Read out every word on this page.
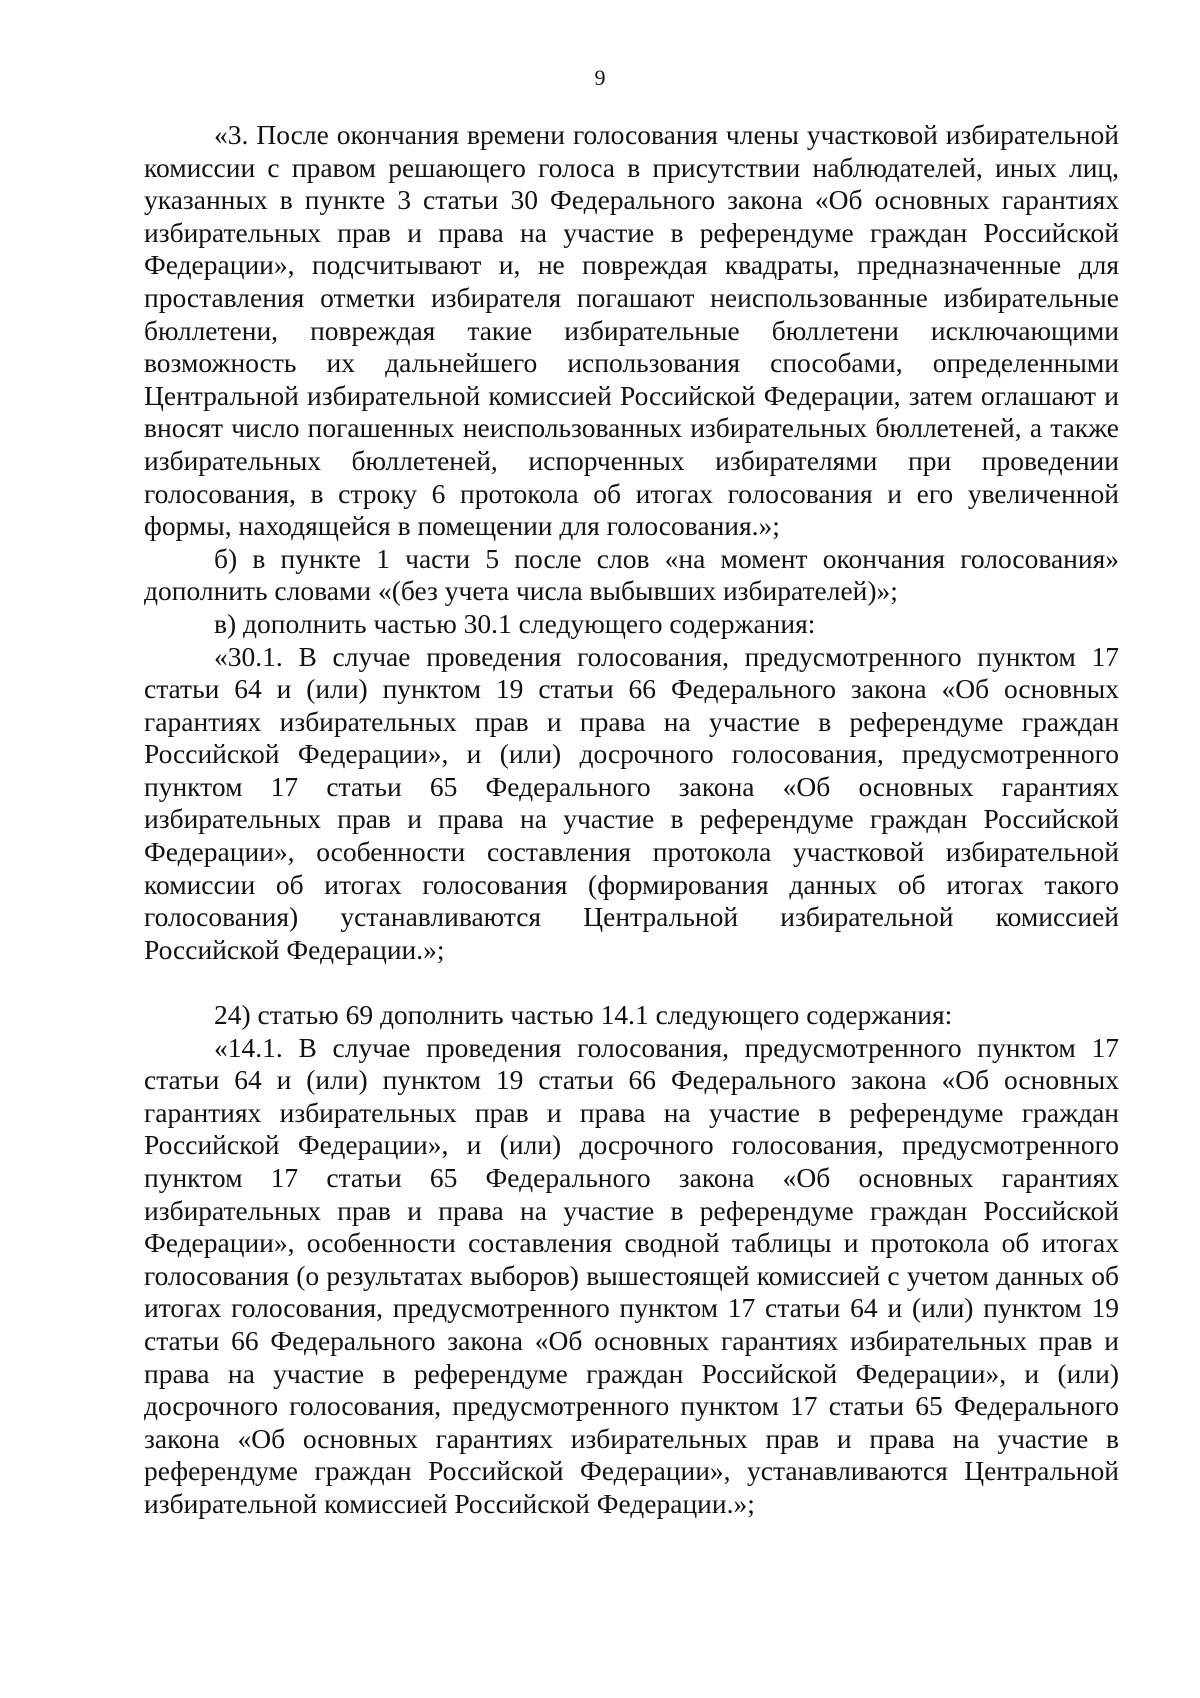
9

«3. После окончания времени голосования члены участковой избирательной комиссии с правом решающего голоса в присутствии наблюдателей, иных лиц, указанных в пункте 3 статьи 30 Федерального закона «Об основных гарантиях избирательных прав и права на участие в референдуме граждан Российской Федерации», подсчитывают и, не повреждая квадраты, предназначенные для проставления отметки избирателя погашают неиспользованные избирательные бюллетени, повреждая такие избирательные бюллетени исключающими возможность их дальнейшего использования способами, определенными Центральной избирательной комиссией Российской Федерации, затем оглашают и вносят число погашенных неиспользованных избирательных бюллетеней, а также избирательных бюллетеней, испорченных избирателями при проведении голосования, в строку 6 протокола об итогах голосования и его увеличенной формы, находящейся в помещении для голосования.»;

б) в пункте 1 части 5 после слов «на момент окончания голосования» дополнить словами «(без учета числа выбывших избирателей)»;

в) дополнить частью 30.1 следующего содержания:

«30.1. В случае проведения голосования, предусмотренного пунктом 17 статьи 64 и (или) пунктом 19 статьи 66 Федерального закона «Об основных гарантиях избирательных прав и права на участие в референдуме граждан Российской Федерации», и (или) досрочного голосования, предусмотренного пунктом 17 статьи 65 Федерального закона «Об основных гарантиях избирательных прав и права на участие в референдуме граждан Российской Федерации», особенности составления протокола участковой избирательной комиссии об итогах голосования (формирования данных об итогах такого голосования) устанавливаются Центральной избирательной комиссией Российской Федерации.»;

24) статью 69 дополнить частью 14.1 следующего содержания:

«14.1. В случае проведения голосования, предусмотренного пунктом 17 статьи 64 и (или) пунктом 19 статьи 66 Федерального закона «Об основных гарантиях избирательных прав и права на участие в референдуме граждан Российской Федерации», и (или) досрочного голосования, предусмотренного пунктом 17 статьи 65 Федерального закона «Об основных гарантиях избирательных прав и права на участие в референдуме граждан Российской Федерации», особенности составления сводной таблицы и протокола об итогах голосования (о результатах выборов) вышестоящей комиссией с учетом данных об итогах голосования, предусмотренного пунктом 17 статьи 64 и (или) пунктом 19 статьи 66 Федерального закона «Об основных гарантиях избирательных прав и права на участие в референдуме граждан Российской Федерации», и (или) досрочного голосования, предусмотренного пунктом 17 статьи 65 Федерального закона «Об основных гарантиях избирательных прав и права на участие в референдуме граждан Российской Федерации», устанавливаются Центральной избирательной комиссией Российской Федерации.»;
